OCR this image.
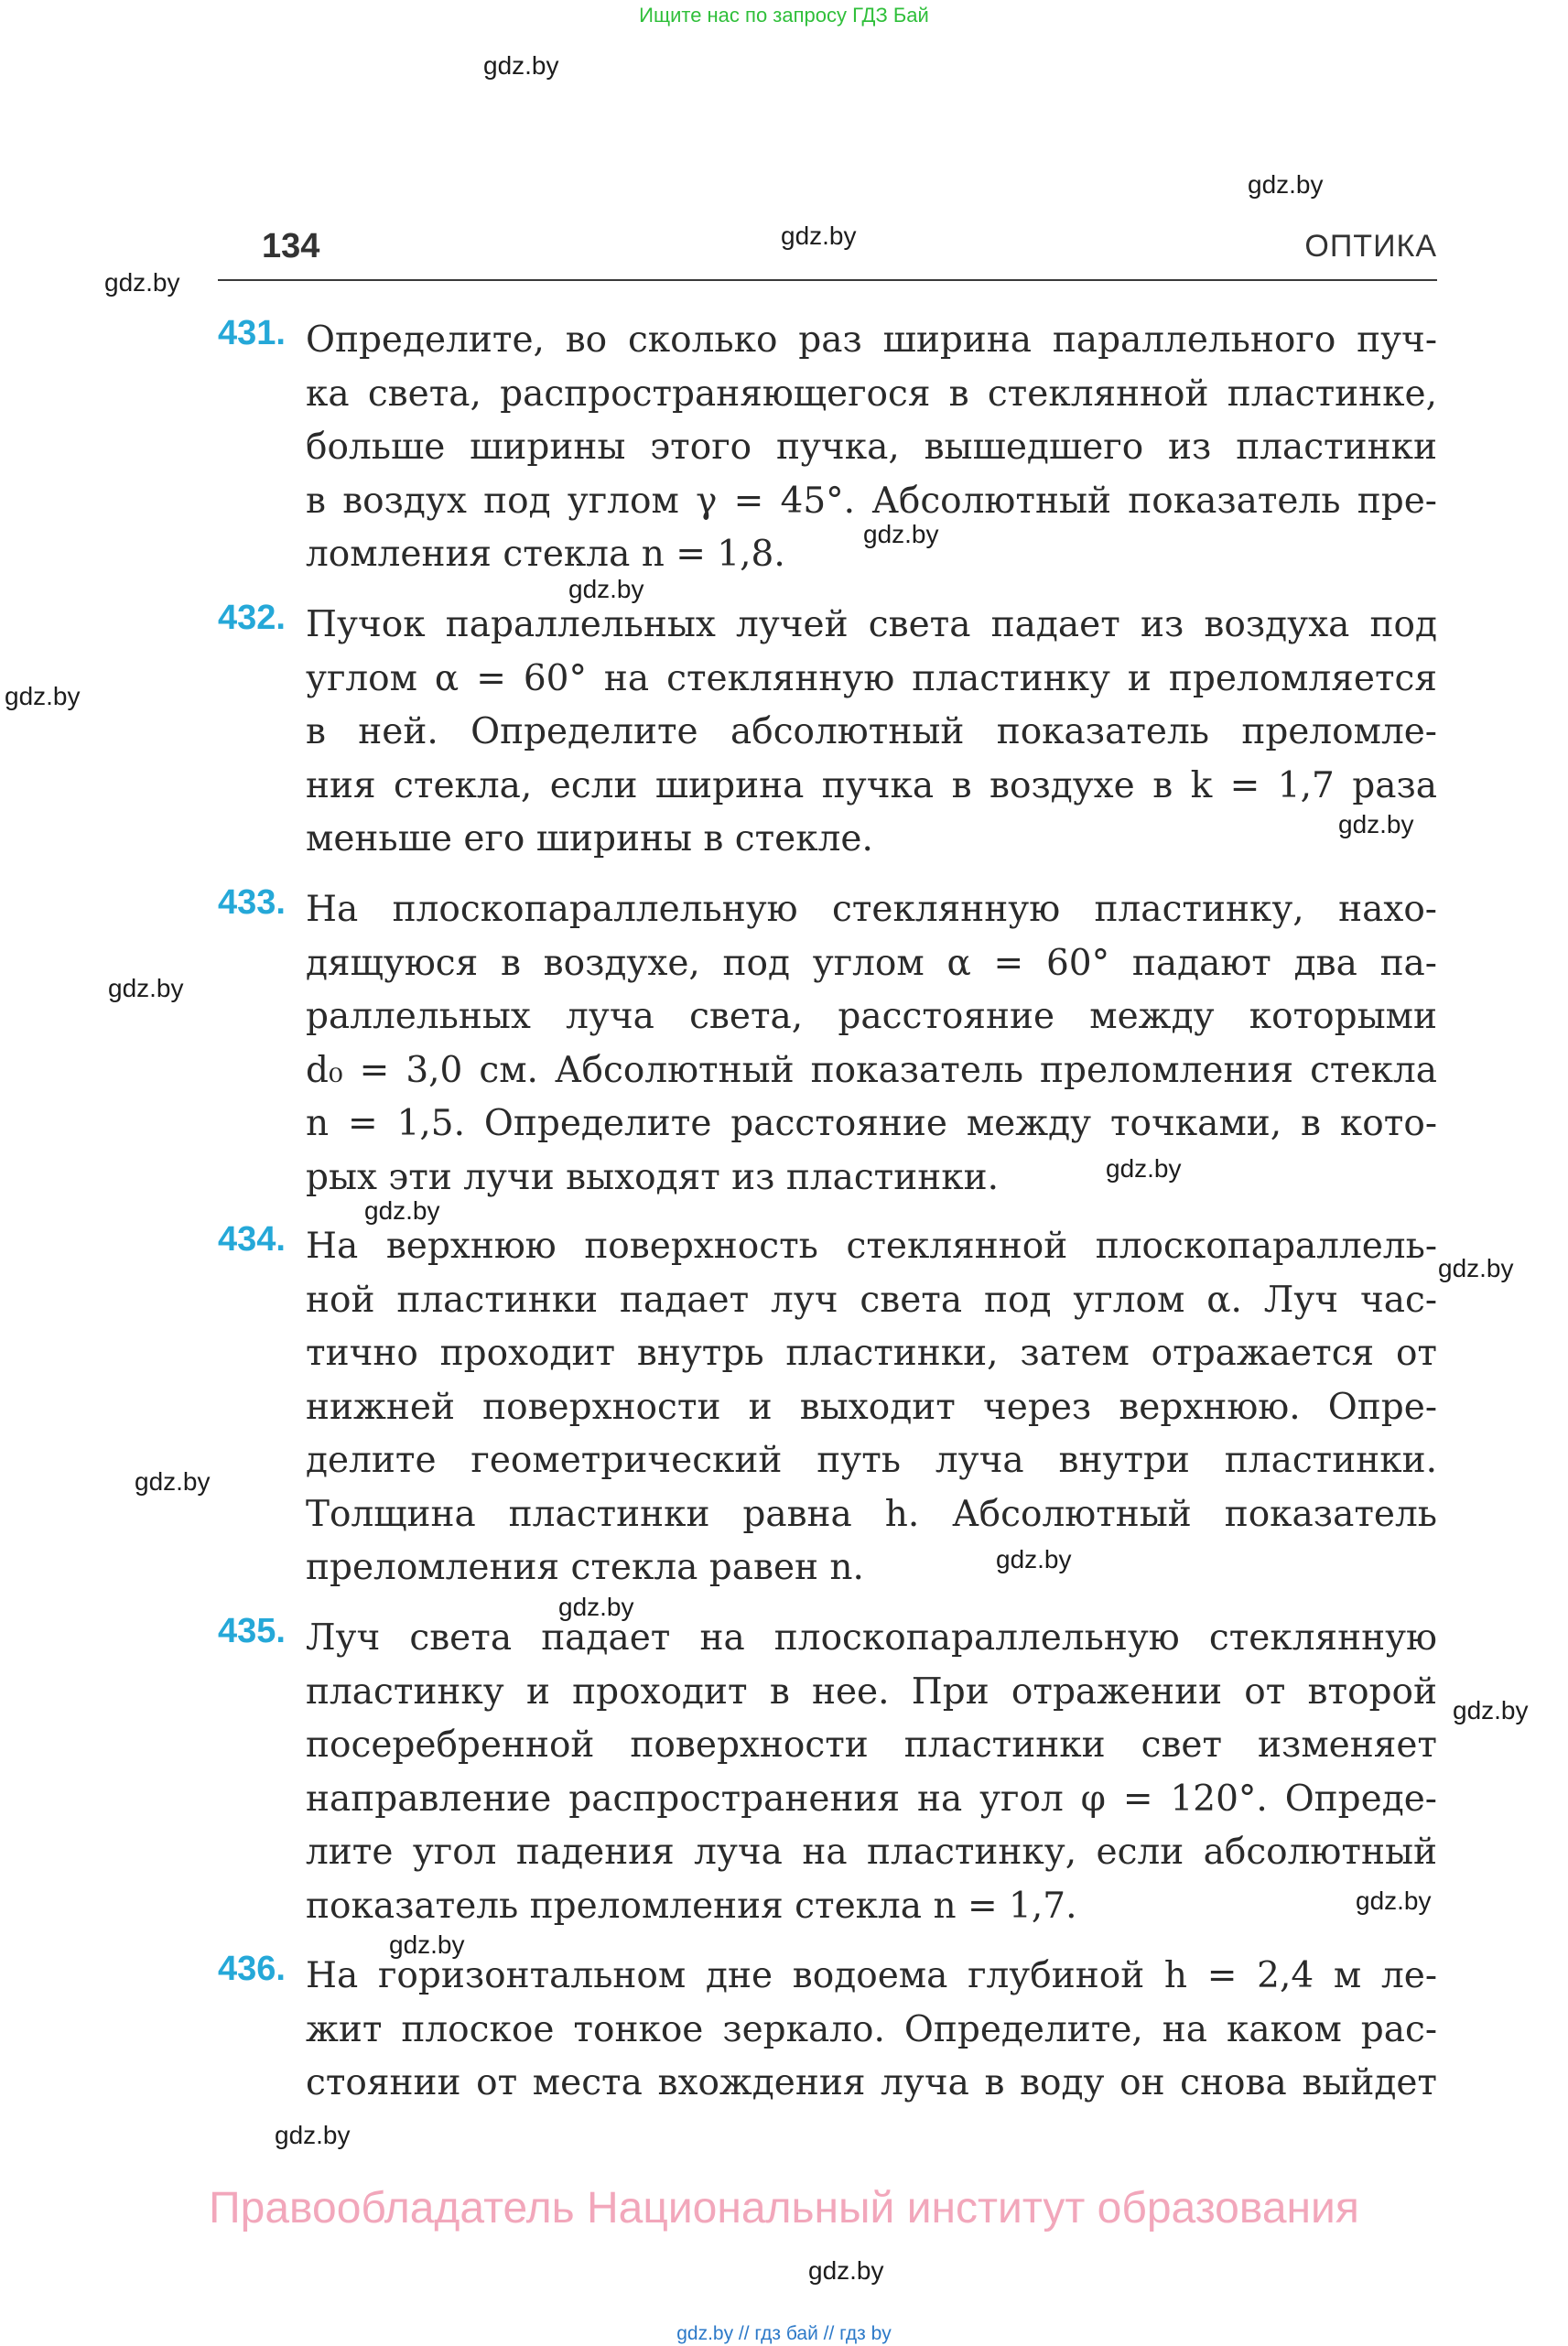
Ищите нас по запросу ГДЗ Бай
gdz.by
gdz.by
gdz.by
gdz.by
gdz.by
gdz.by
gdz.by
gdz.by
gdz.by
gdz.by
gdz.by
gdz.by
gdz.by
gdz.by
gdz.by
gdz.by
gdz.by
gdz.by
gdz.by
gdz.by
134	ОПТИКА
431. Определите, во сколько раз ширина параллельного пуч-
ка света, распространяющегося в стеклянной пластинке,
больше ширины этого пучка, вышедшего из пластинки
в воздух под углом γ = 45°. Абсолютный показатель пре-
ломления стекла n = 1,8.
432. Пучок параллельных лучей света падает из воздуха под
углом α = 60° на стеклянную пластинку и преломляется
в ней. Определите абсолютный показатель преломле-
ния стекла, если ширина пучка в воздухе в k = 1,7 раза
меньше его ширины в стекле.
433. На плоскопараллельную стеклянную пластинку, нахо-
дящуюся в воздухе, под углом α = 60° падают два па-
раллельных луча света, расстояние между которыми
d₀ = 3,0 см. Абсолютный показатель преломления стекла
n = 1,5. Определите расстояние между точками, в кото-
рых эти лучи выходят из пластинки.
434. На верхнюю поверхность стеклянной плоскопараллель-
ной пластинки падает луч света под углом α. Луч час-
тично проходит внутрь пластинки, затем отражается от
нижней поверхности и выходит через верхнюю. Опре-
делите геометрический путь луча внутри пластинки.
Толщина пластинки равна h. Абсолютный показатель
преломления стекла равен n.
435. Луч света падает на плоскопараллельную стеклянную
пластинку и проходит в нее. При отражении от второй
посеребренной поверхности пластинки свет изменяет
направление распространения на угол φ = 120°. Опреде-
лите угол падения луча на пластинку, если абсолютный
показатель преломления стекла n = 1,7.
436. На горизонтальном дне водоема глубиной h = 2,4 м ле-
жит плоское тонкое зеркало. Определите, на каком рас-
стоянии от места вхождения луча в воду он снова выйдет
Правообладатель Национальный институт образования
gdz.by // гдз бай // гдз by
